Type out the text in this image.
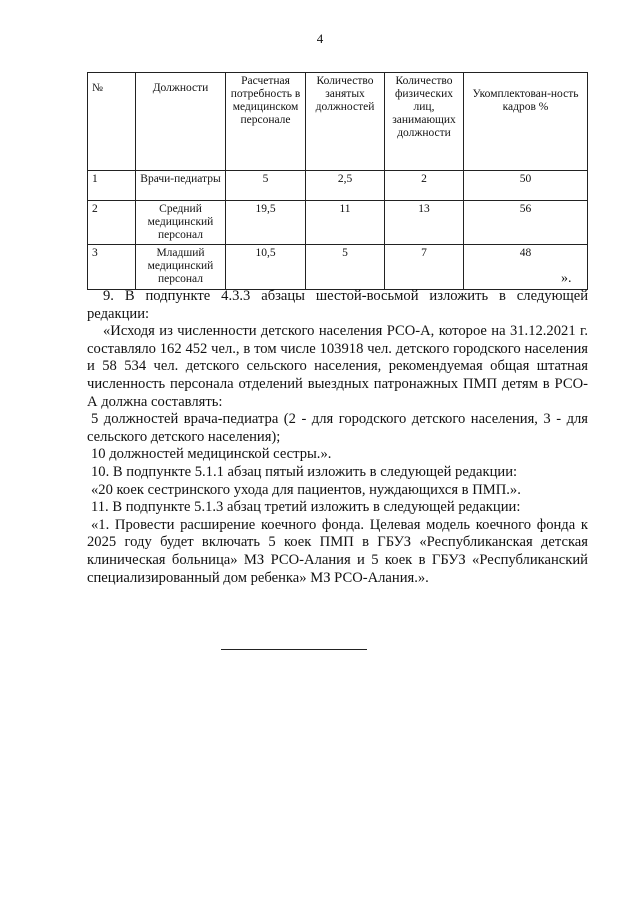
4
№	Должности	Расчетная потребность в медицинском персонале	Количество занятых должностей	Количество физических лиц, занимающих должности	Укомплектован-ность кадров %
1	Врачи-педиатры	5	2,5	2	50
2	Средний медицинский персонал	19,5	11	13	56
3	Младший медицинский персонал	10,5	5	7	48
».

9. В подпункте 4.3.3 абзацы шестой-восьмой изложить в следующей редакции:

«Исходя из численности детского населения РСО-А, которое на 31.12.2021 г. составляло 162 452 чел., в том числе 103918 чел. детского городского населения и 58 534 чел. детского сельского населения, рекомендуемая общая штатная численность персонала отделений выездных патронажных ПМП детям в РСО-А должна составлять:

5 должностей врача-педиатра (2 - для городского детского населения, 3 - для сельского детского населения);

10 должностей медицинской сестры.».

10. В подпункте 5.1.1 абзац пятый изложить в следующей редакции:

«20 коек сестринского ухода для пациентов, нуждающихся в ПМП.».

11. В подпункте 5.1.3 абзац третий изложить в следующей редакции:

«1. Провести расширение коечного фонда. Целевая модель коечного фонда к 2025 году будет включать 5 коек ПМП в ГБУЗ «Республиканская детская клиническая больница» МЗ РСО-Алания и 5 коек в ГБУЗ «Республиканский специализированный дом ребенка» МЗ РСО-Алания.».
